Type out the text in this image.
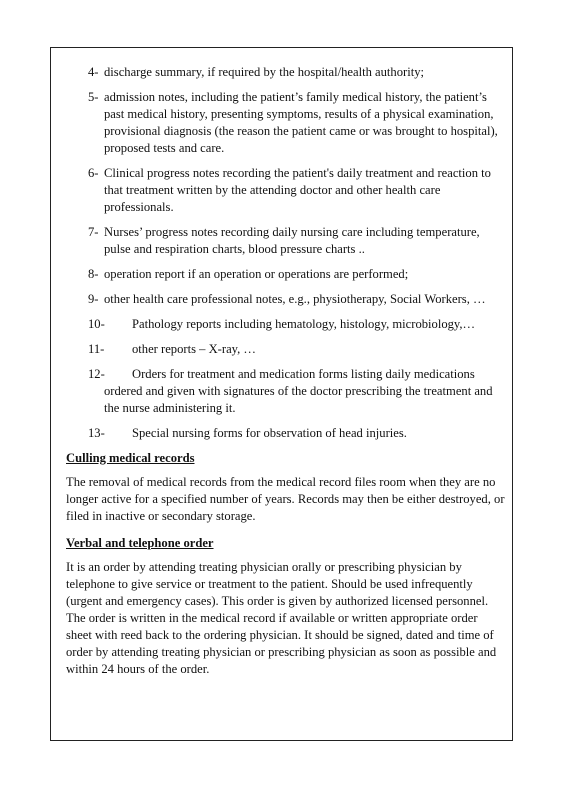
4- discharge summary, if required by the hospital/health authority;
5- admission notes, including the patient’s family medical history, the patient’s past medical history, presenting symptoms, results of a physical examination, provisional diagnosis (the reason the patient came or was brought to hospital), proposed tests and care.
6- Clinical progress notes recording the patient's daily treatment and reaction to that treatment written by the attending doctor and other health care professionals.
7- Nurses’ progress notes recording daily nursing care including temperature, pulse and respiration charts, blood pressure charts ..
8- operation report if an operation or operations are performed;
9- other health care professional notes, e.g., physiotherapy, Social Workers, …
10-	Pathology reports including hematology, histology, microbiology,…
11-	other reports – X-ray, …
12-	Orders for treatment and medication forms listing daily medications ordered and given with signatures of the doctor prescribing the treatment and the nurse administering it.
13-	Special nursing forms for observation of head injuries.
Culling medical records

The removal of medical records from the medical record files room when they are no longer active for a specified number of years. Records may then be either destroyed, or filed in inactive or secondary storage.

Verbal and telephone order

It is an order by attending treating physician orally or prescribing physician by telephone to give service or treatment to the patient. Should be used infrequently (urgent and emergency cases). This order is given by authorized licensed personnel. The order is written in the medical record if available or written appropriate order sheet with reed back to the ordering physician. It should be signed, dated and time of order by attending treating physician or prescribing physician as soon as possible and within 24 hours of the order.
